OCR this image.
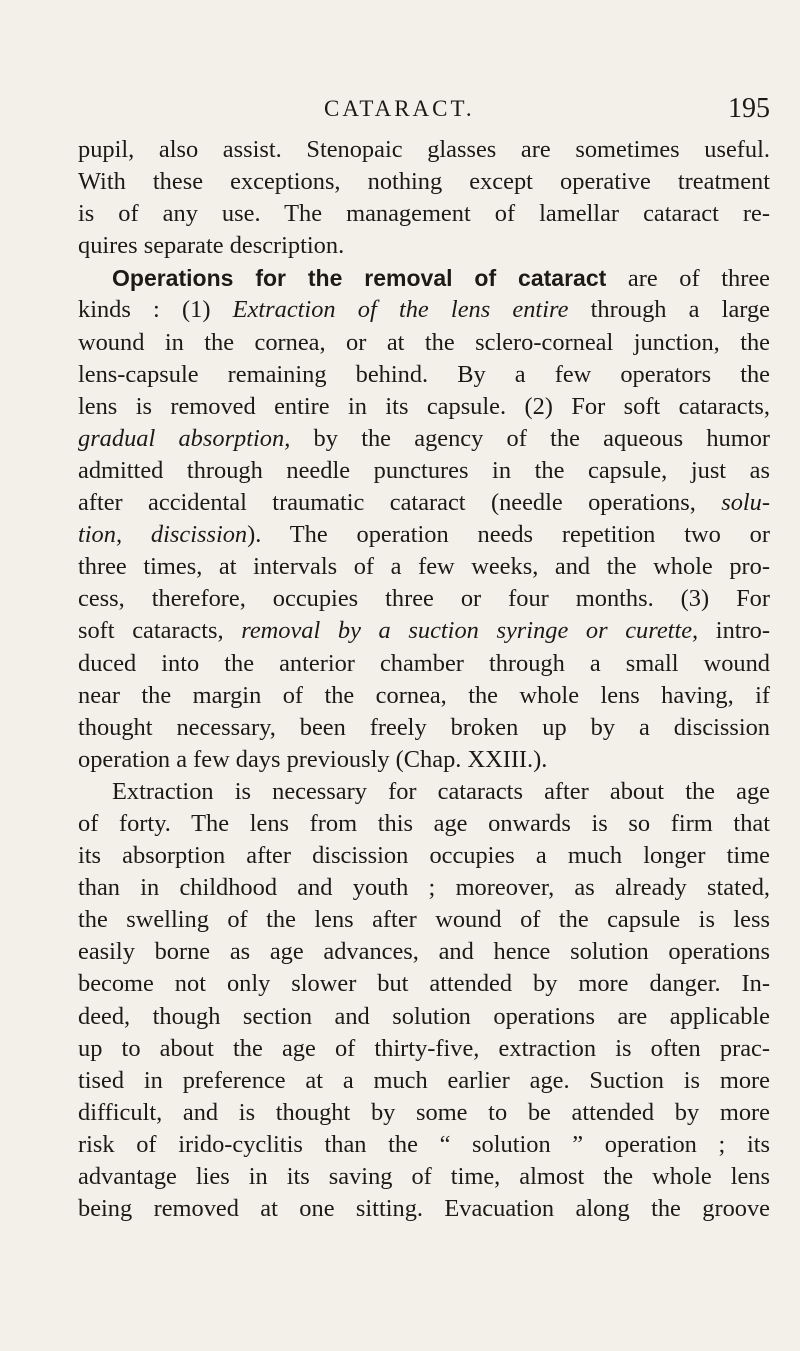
CATARACT.	195
pupil, also assist. Stenopaic glasses are sometimes useful.
With these exceptions, nothing except operative treatment
is of any use. The management of lamellar cataract re-
quires separate description.
Operations for the removal of cataract are of three
kinds : (1) Extraction of the lens entire through a large
wound in the cornea, or at the sclero-corneal junction, the
lens-capsule remaining behind. By a few operators the
lens is removed entire in its capsule. (2) For soft cataracts,
gradual absorption, by the agency of the aqueous humor
admitted through needle punctures in the capsule, just as
after accidental traumatic cataract (needle operations, solu-
tion, discission). The operation needs repetition two or
three times, at intervals of a few weeks, and the whole pro-
cess, therefore, occupies three or four months. (3) For
soft cataracts, removal by a suction syringe or curette, intro-
duced into the anterior chamber through a small wound
near the margin of the cornea, the whole lens having, if
thought necessary, been freely broken up by a discission
operation a few days previously (Chap. XXIII.).
Extraction is necessary for cataracts after about the age
of forty. The lens from this age onwards is so firm that
its absorption after discission occupies a much longer time
than in childhood and youth ; moreover, as already stated,
the swelling of the lens after wound of the capsule is less
easily borne as age advances, and hence solution operations
become not only slower but attended by more danger. In-
deed, though section and solution operations are applicable
up to about the age of thirty-five, extraction is often prac-
tised in preference at a much earlier age. Suction is more
difficult, and is thought by some to be attended by more
risk of irido-cyclitis than the “ solution ” operation ; its
advantage lies in its saving of time, almost the whole lens
being removed at one sitting. Evacuation along the groove
